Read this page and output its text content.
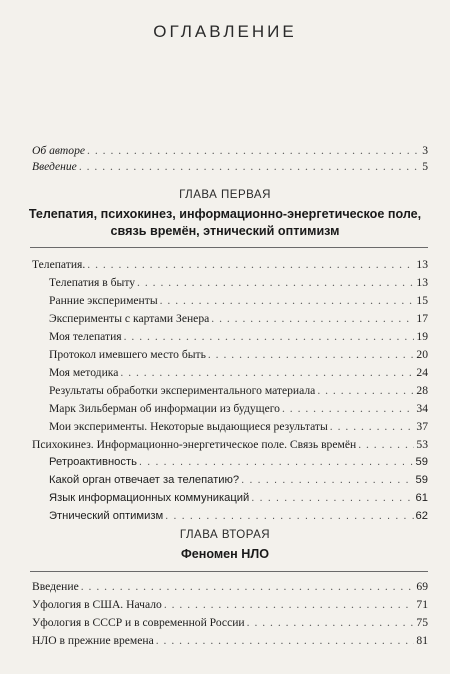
ОГЛАВЛЕНИЕ
Об авторе . . .	3
Введение . . .	5
ГЛАВА ПЕРВАЯ
Телепатия, психокинез, информационно-энергетическое поле,
связь времён, этнический оптимизм
Телепатия. . . .	13
Телепатия в быту . . .	13
Ранние эксперименты . . .	15
Эксперименты с картами Зенера . . .	17
Моя телепатия . . .	19
Протокол имевшего место быть . . .	20
Моя методика . . .	24
Результаты обработки экспериментального материала . . .	28
Марк Зильберман об информации из будущего . . .	34
Мои эксперименты. Некоторые выдающиеся результаты . . .	37
Психокинез. Информационно-энергетическое поле. Связь времён . . .	53
Ретроактивность . . .	59
Какой орган отвечает за телепатию? . . .	59
Язык информационных коммуникаций . . .	61
Этнический оптимизм . . .	62
ГЛАВА ВТОРАЯ
Феномен НЛО
Введение . . .	69
Уфология в США. Начало . . .	71
Уфология в СССР и в современной России . . .	75
НЛО в прежние времена . . .	81
